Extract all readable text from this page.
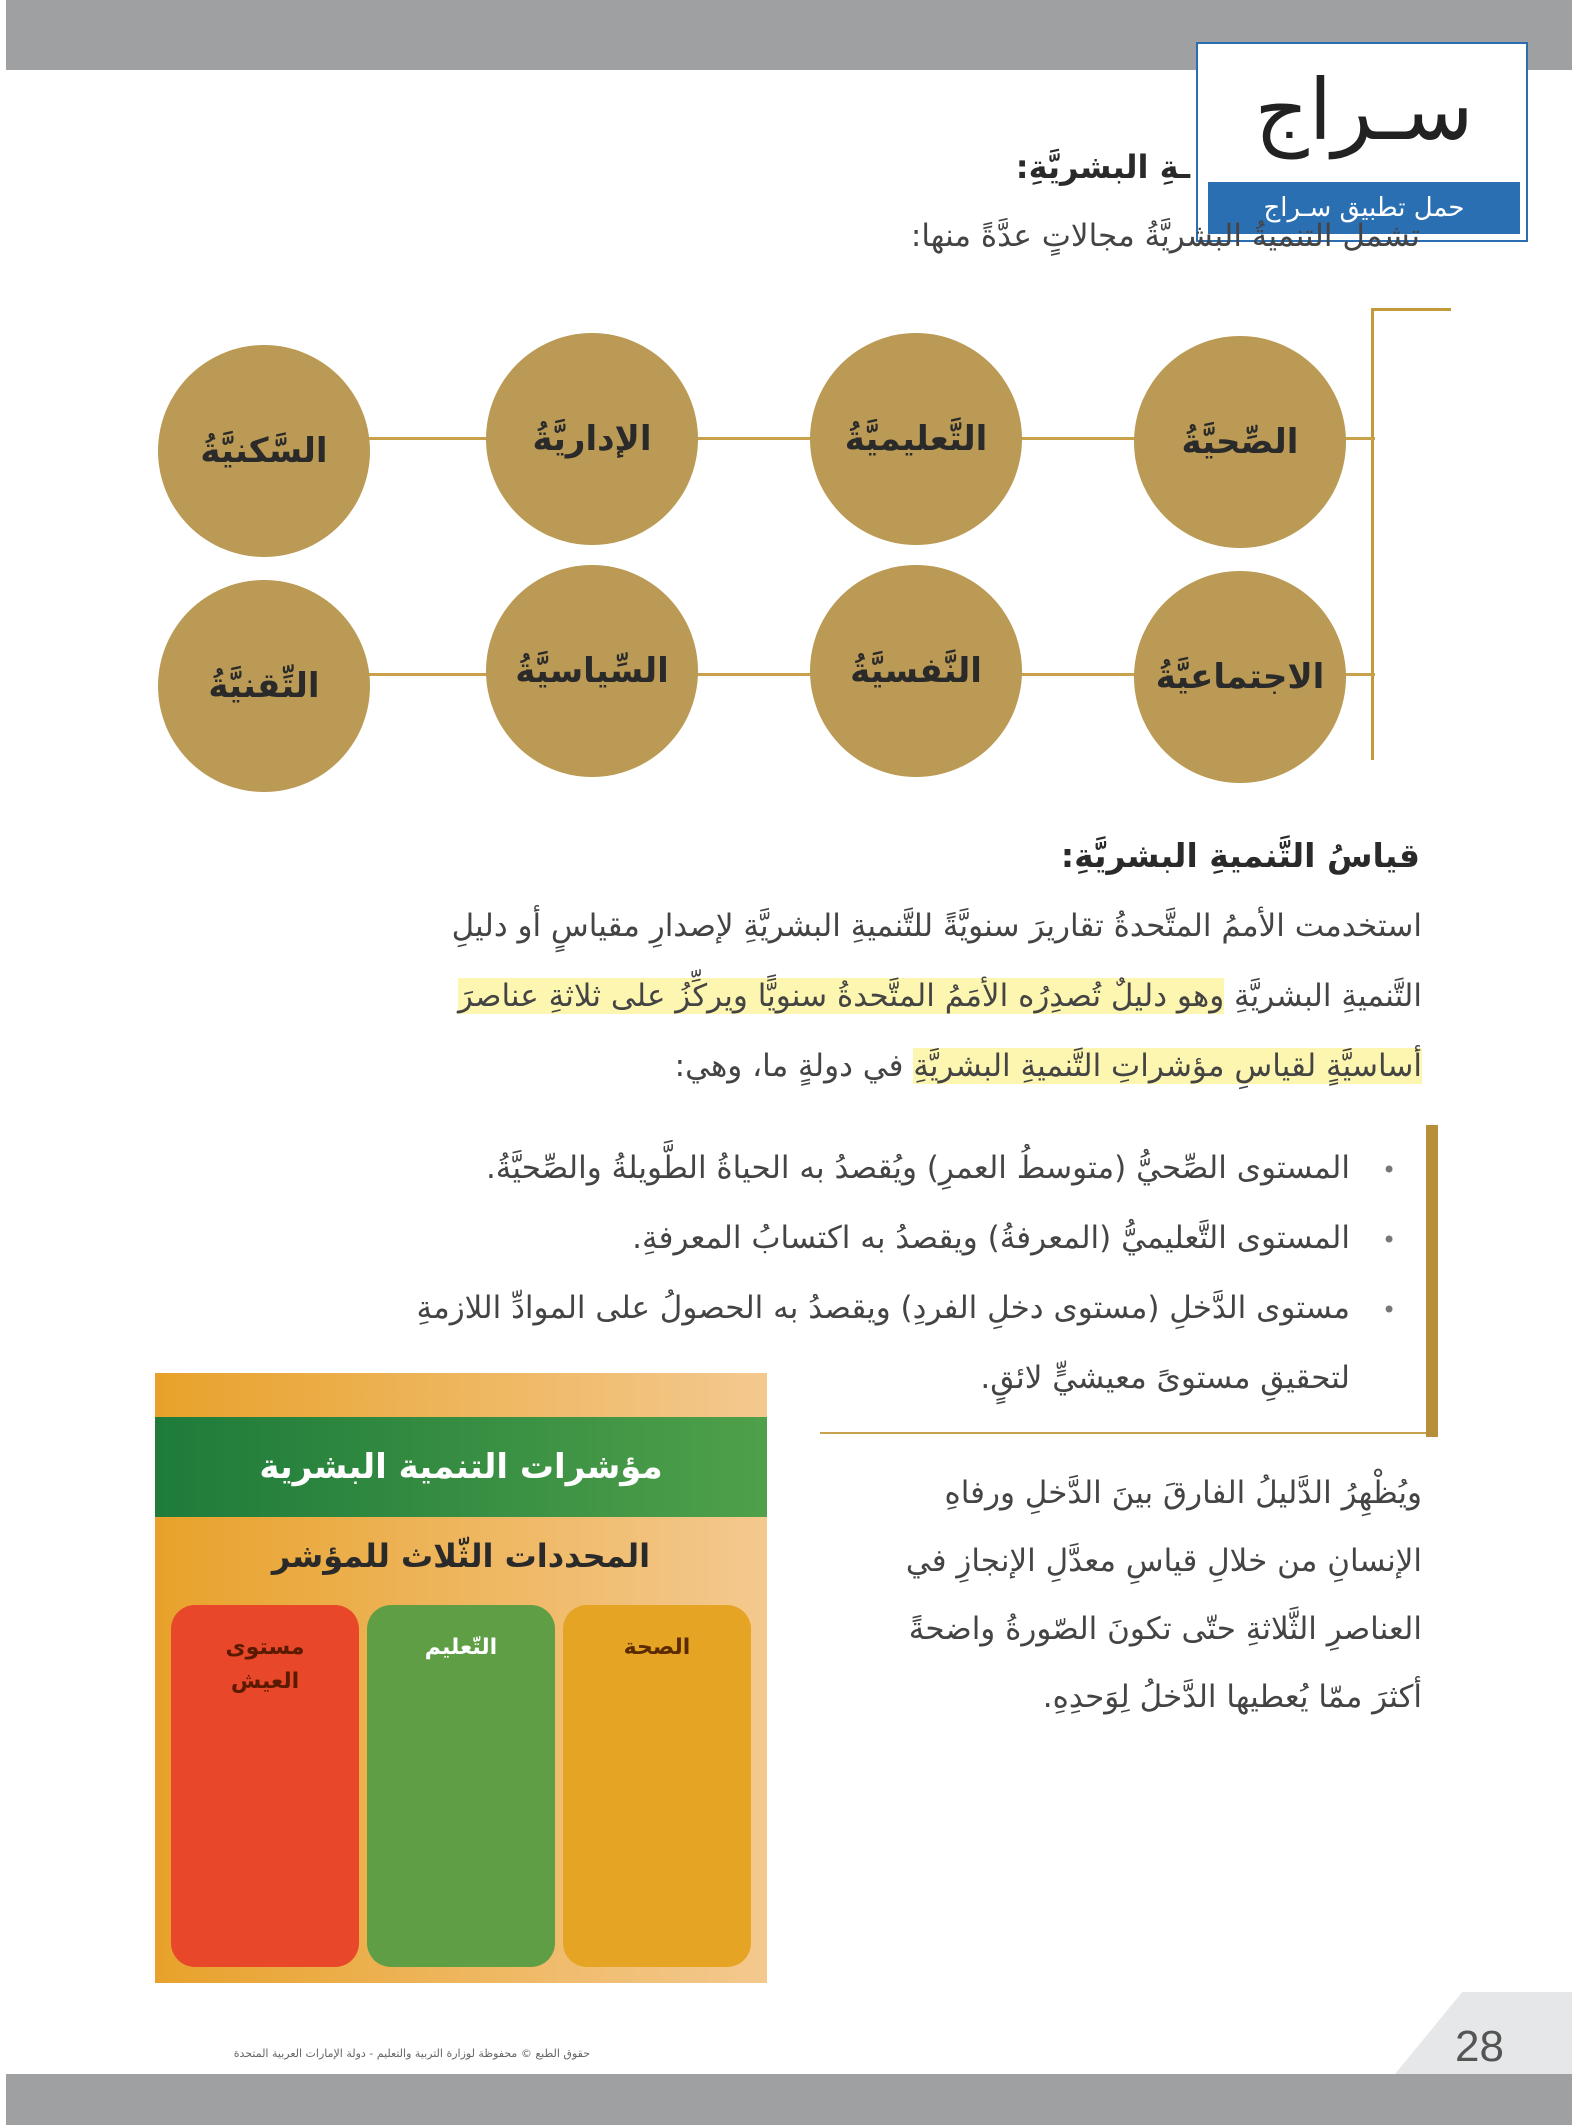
سـراج
حمل تطبيق سـراج
ـةِ البشريَّةِ:
تشمل التنميةُ البشريَّةُ مجالاتٍ عدَّةً منها:
الصِّحيَّةُ
التَّعليميَّةُ
الإداريَّةُ
السَّكنيَّةُ
الاجتماعيَّةُ
النَّفسيَّةُ
السِّياسيَّةُ
التِّقنيَّةُ
قياسُ التَّنميةِ البشريَّةِ:
استخدمت الأممُ المتَّحدةُ تقاريرَ سنويَّةً للتَّنميةِ البشريَّةِ لإصدارِ مقياسٍ أو دليلِ
التَّنميةِ البشريَّةِ وهو دليلٌ تُصدِرُه الأمَمُ المتَّحدةُ سنويًّا ويركِّزُ على ثلاثةِ عناصرَ
أساسيَّةٍ لقياسِ مؤشراتِ التَّنميةِ البشريَّةِ في دولةٍ ما، وهي:
•
المستوى الصِّحيُّ (متوسطُ العمرِ) ويُقصدُ به الحياةُ الطَّويلةُ والصِّحيَّةُ.
•
المستوى التَّعليميُّ (المعرفةُ) ويقصدُ به اكتسابُ المعرفةِ.
•
مستوى الدَّخلِ (مستوى دخلِ الفردِ) ويقصدُ به الحصولُ على الموادِّ اللازمةِ
لتحقيقِ مستوىً معيشيٍّ لائقٍ.
ويُظْهِرُ الدَّليلُ الفارقَ بينَ الدَّخلِ ورفاهِ
الإنسانِ من خلالِ قياسِ معدَّلِ الإنجازِ في
العناصرِ الثَّلاثةِ حتّى تكونَ الصّورةُ واضحةً
أكثرَ ممّا يُعطيها الدَّخلُ لِوَحدِهِ.
مؤشرات التنمية البشرية
المحددات الثّلاث للمؤشر
الصحة
التّعليم
مستوى العيش
28
حقوق الطبع © محفوظة لوزارة التربية والتعليم - دولة الإمارات العربية المتحدة
